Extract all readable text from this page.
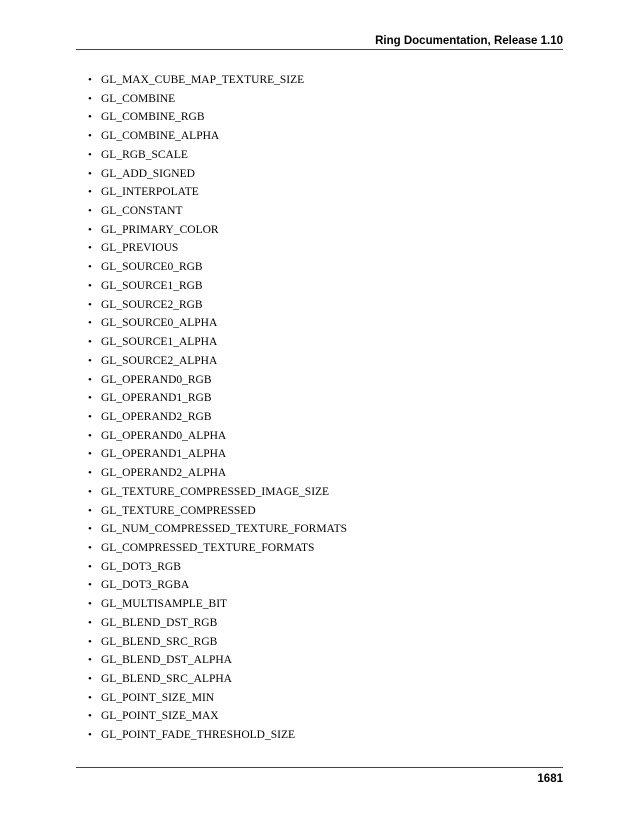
Ring Documentation, Release 1.10
• GL_MAX_CUBE_MAP_TEXTURE_SIZE
• GL_COMBINE
• GL_COMBINE_RGB
• GL_COMBINE_ALPHA
• GL_RGB_SCALE
• GL_ADD_SIGNED
• GL_INTERPOLATE
• GL_CONSTANT
• GL_PRIMARY_COLOR
• GL_PREVIOUS
• GL_SOURCE0_RGB
• GL_SOURCE1_RGB
• GL_SOURCE2_RGB
• GL_SOURCE0_ALPHA
• GL_SOURCE1_ALPHA
• GL_SOURCE2_ALPHA
• GL_OPERAND0_RGB
• GL_OPERAND1_RGB
• GL_OPERAND2_RGB
• GL_OPERAND0_ALPHA
• GL_OPERAND1_ALPHA
• GL_OPERAND2_ALPHA
• GL_TEXTURE_COMPRESSED_IMAGE_SIZE
• GL_TEXTURE_COMPRESSED
• GL_NUM_COMPRESSED_TEXTURE_FORMATS
• GL_COMPRESSED_TEXTURE_FORMATS
• GL_DOT3_RGB
• GL_DOT3_RGBA
• GL_MULTISAMPLE_BIT
• GL_BLEND_DST_RGB
• GL_BLEND_SRC_RGB
• GL_BLEND_DST_ALPHA
• GL_BLEND_SRC_ALPHA
• GL_POINT_SIZE_MIN
• GL_POINT_SIZE_MAX
• GL_POINT_FADE_THRESHOLD_SIZE
1681
